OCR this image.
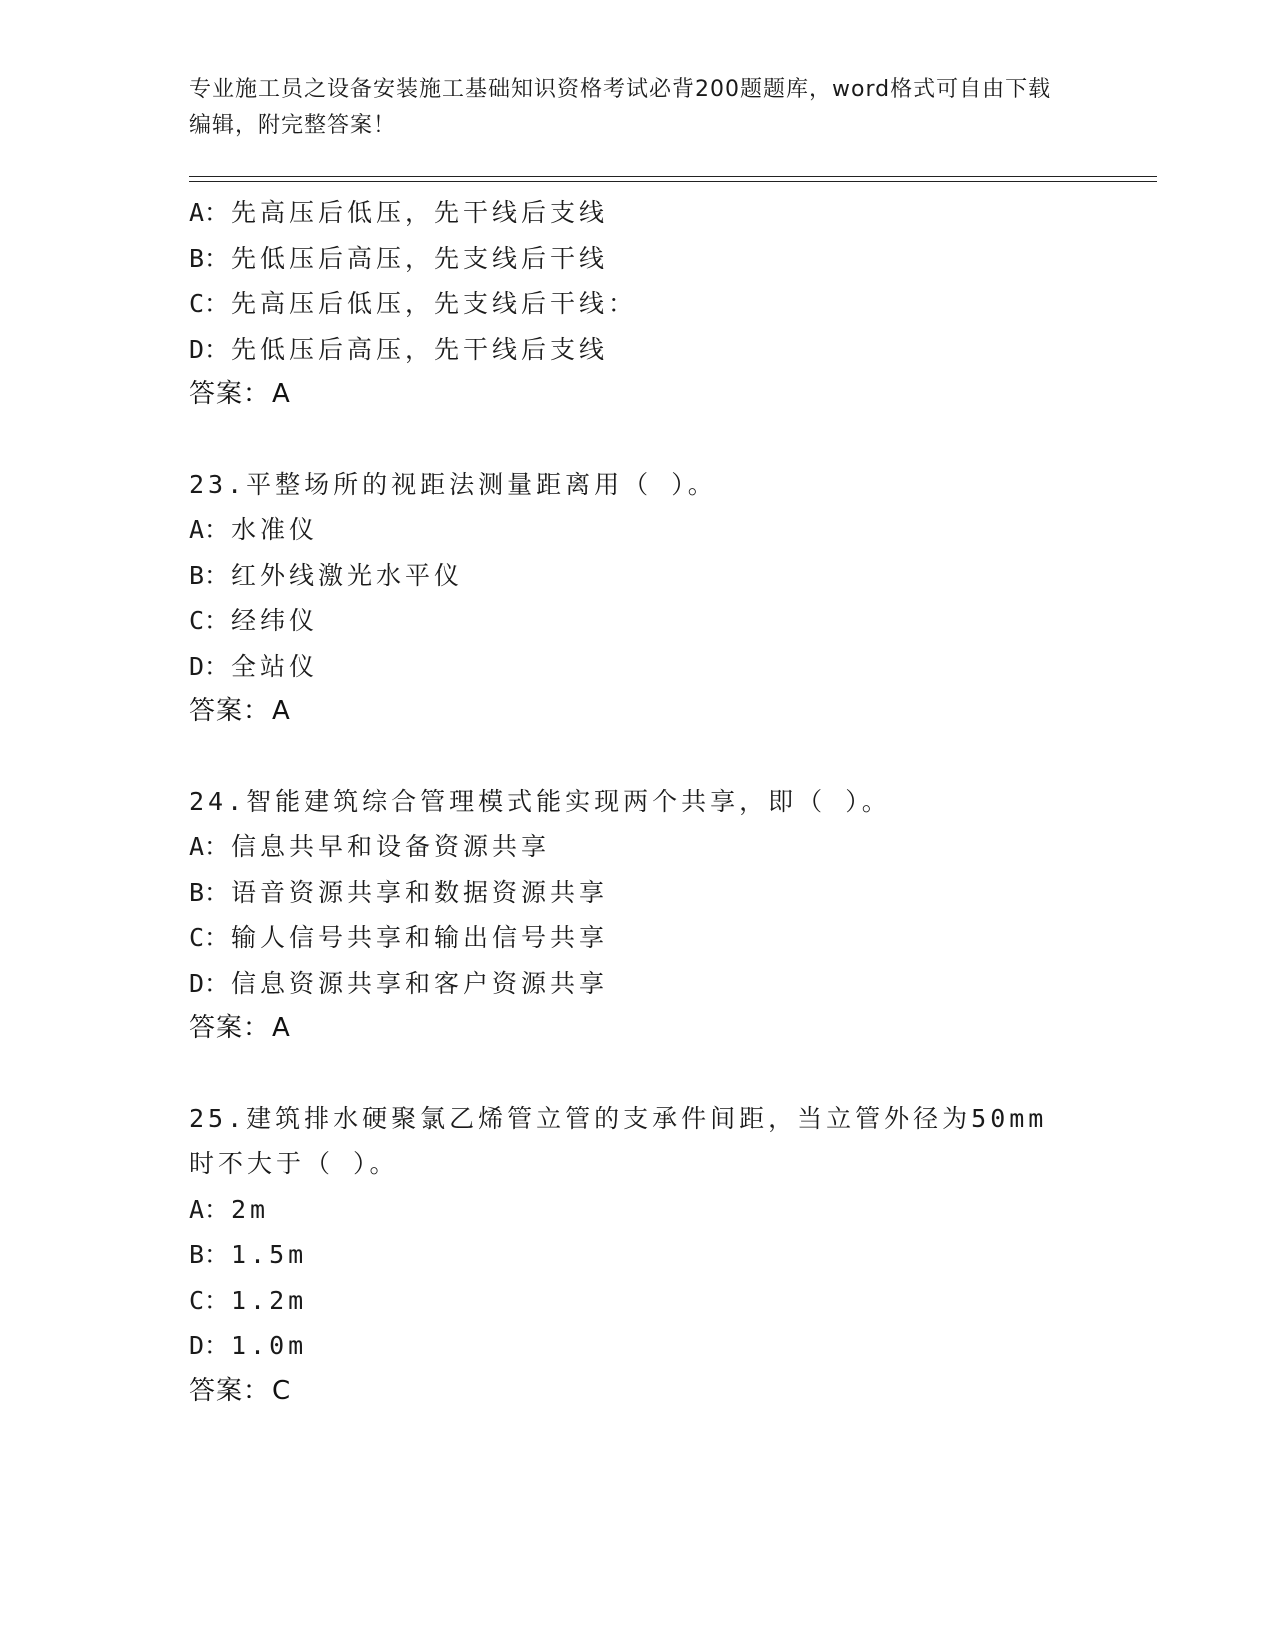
专业施工员之设备安装施工基础知识资格考试必背200题题库，word格式可自由下载编辑，附完整答案！
A：先高压后低压，先干线后支线
B：先低压后高压，先支线后干线
C：先高压后低压，先支线后干线：
D：先低压后高压，先干线后支线
答案：A
23.平整场所的视距法测量距离用（ ）。
A：水准仪
B：红外线激光水平仪
C：经纬仪
D：全站仪
答案：A
24.智能建筑综合管理模式能实现两个共享，即（ ）。
A：信息共早和设备资源共享
B：语音资源共享和数据资源共享
C：输人信号共享和输出信号共享
D：信息资源共享和客户资源共享
答案：A
25.建筑排水硬聚氯乙烯管立管的支承件间距，当立管外径为50mm时不大于（ ）。
A：2m
B：1.5m
C：1.2m
D：1.0m
答案：C
